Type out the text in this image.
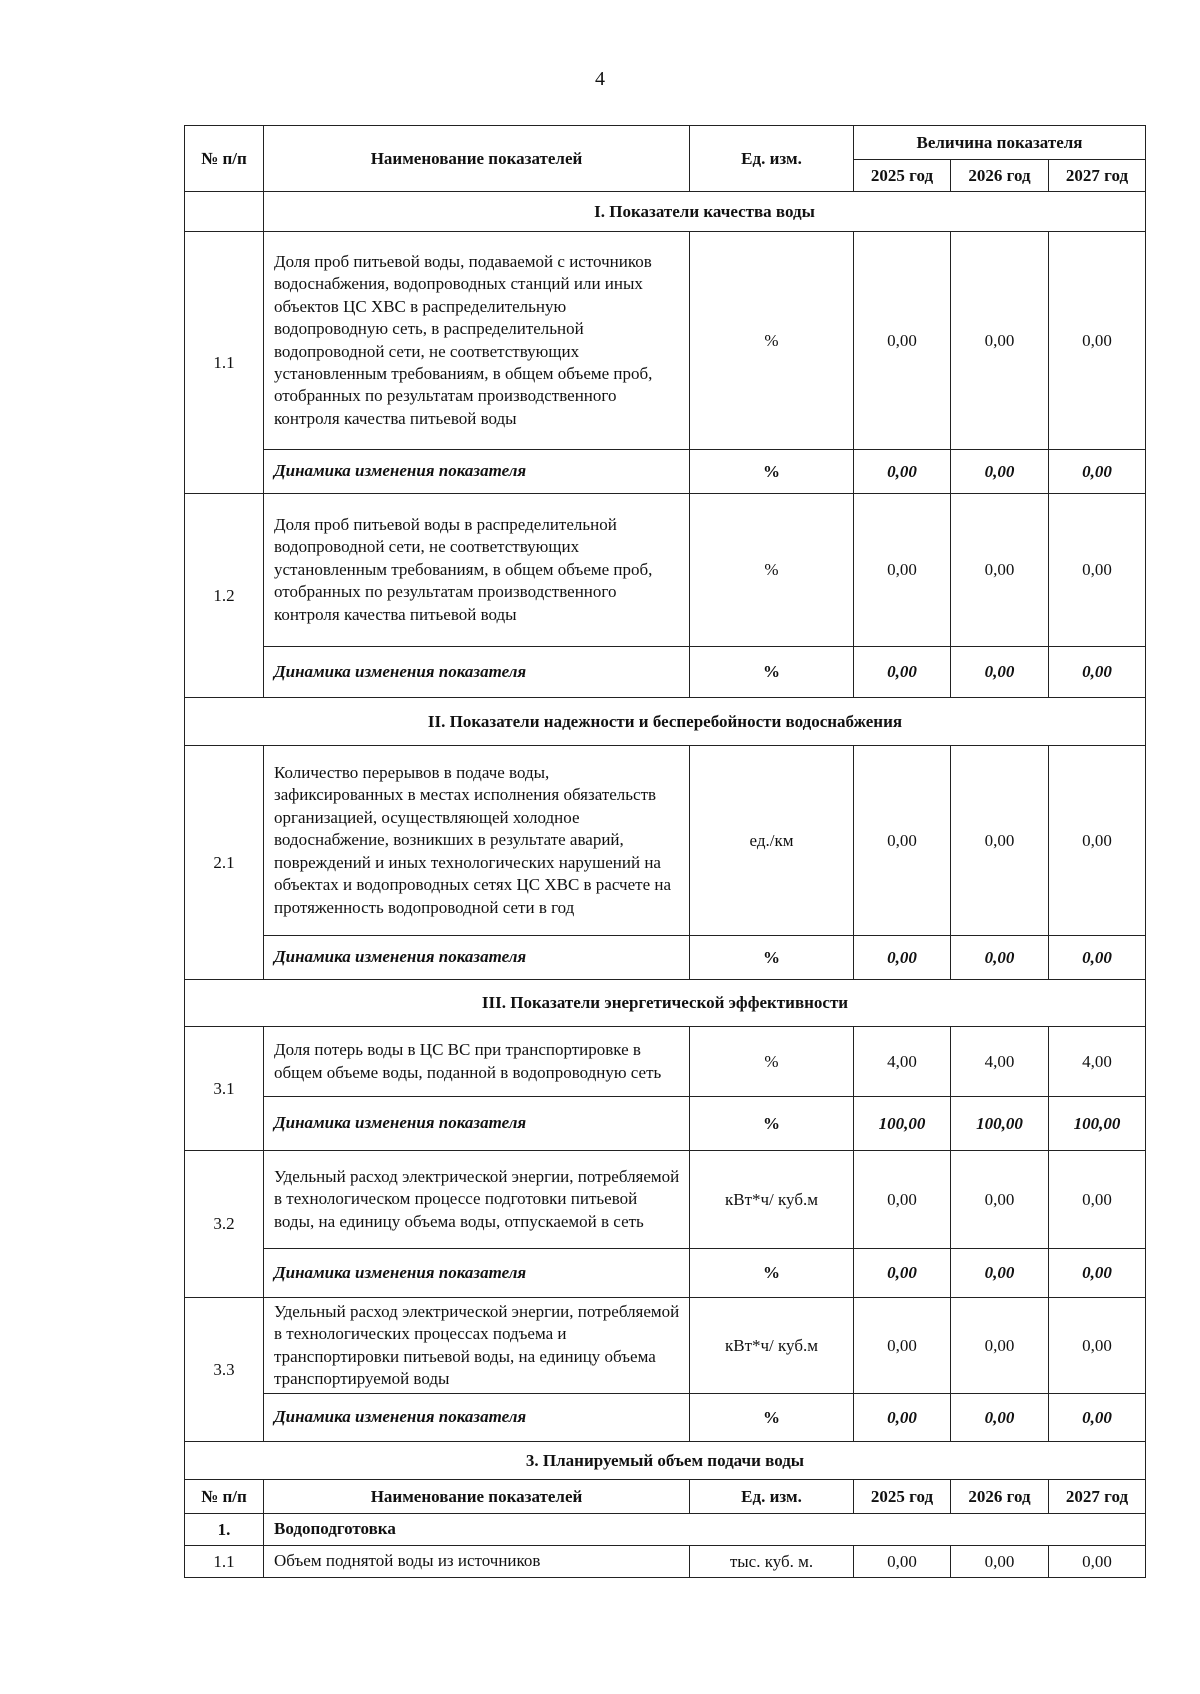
4
№ п/п	Наименование показателей	Ед. изм.	Величина показателя		
			2025 год	2026 год	2027 год
	I. Показатели качества воды				
1.1	Доля проб питьевой воды, подаваемой с источников водоснабжения, водопроводных станций или иных объектов ЦС ХВС в распределительную водопроводную сеть, в распределительной водопроводной сети, не соответствующих установленным требованиям, в общем объеме проб, отобранных по результатам производственного контроля качества питьевой воды	%	0,00	0,00	0,00
	Динамика изменения показателя	%	0,00	0,00	0,00
1.2	Доля проб питьевой воды в распределительной водопроводной сети, не соответствующих установленным требованиям, в общем объеме проб, отобранных по результатам производственного контроля качества питьевой воды	%	0,00	0,00	0,00
	Динамика изменения показателя	%	0,00	0,00	0,00
II. Показатели надежности и бесперебойности водоснабжения					
2.1	Количество перерывов в подаче воды, зафиксированных в местах исполнения обязательств организацией, осуществляющей холодное водоснабжение, возникших в результате аварий, повреждений и иных технологических нарушений на объектах и водопроводных сетях ЦС ХВС в расчете на протяженность водопроводной сети в год	ед./км	0,00	0,00	0,00
	Динамика изменения показателя	%	0,00	0,00	0,00
III. Показатели энергетической эффективности					
3.1	Доля потерь воды в ЦС ВС при транспортировке в общем объеме воды, поданной в водопроводную сеть	%	4,00	4,00	4,00
	Динамика изменения показателя	%	100,00	100,00	100,00
3.2	Удельный расход электрической энергии, потребляемой в технологическом процессе подготовки питьевой воды, на единицу объема воды, отпускаемой в сеть	кВт*ч/ куб.м	0,00	0,00	0,00
	Динамика изменения показателя	%	0,00	0,00	0,00
3.3	Удельный расход электрической энергии, потребляемой в технологических процессах подъема и транспортировки питьевой воды, на единицу объема транспортируемой воды	кВт*ч/ куб.м	0,00	0,00	0,00
	Динамика изменения показателя	%	0,00	0,00	0,00
3. Планируемый объем подачи воды					
№ п/п	Наименование показателей	Ед. изм.	2025 год	2026 год	2027 год
1.	Водоподготовка				
1.1	Объем поднятой воды из источников	тыс. куб. м.	0,00	0,00	0,00
